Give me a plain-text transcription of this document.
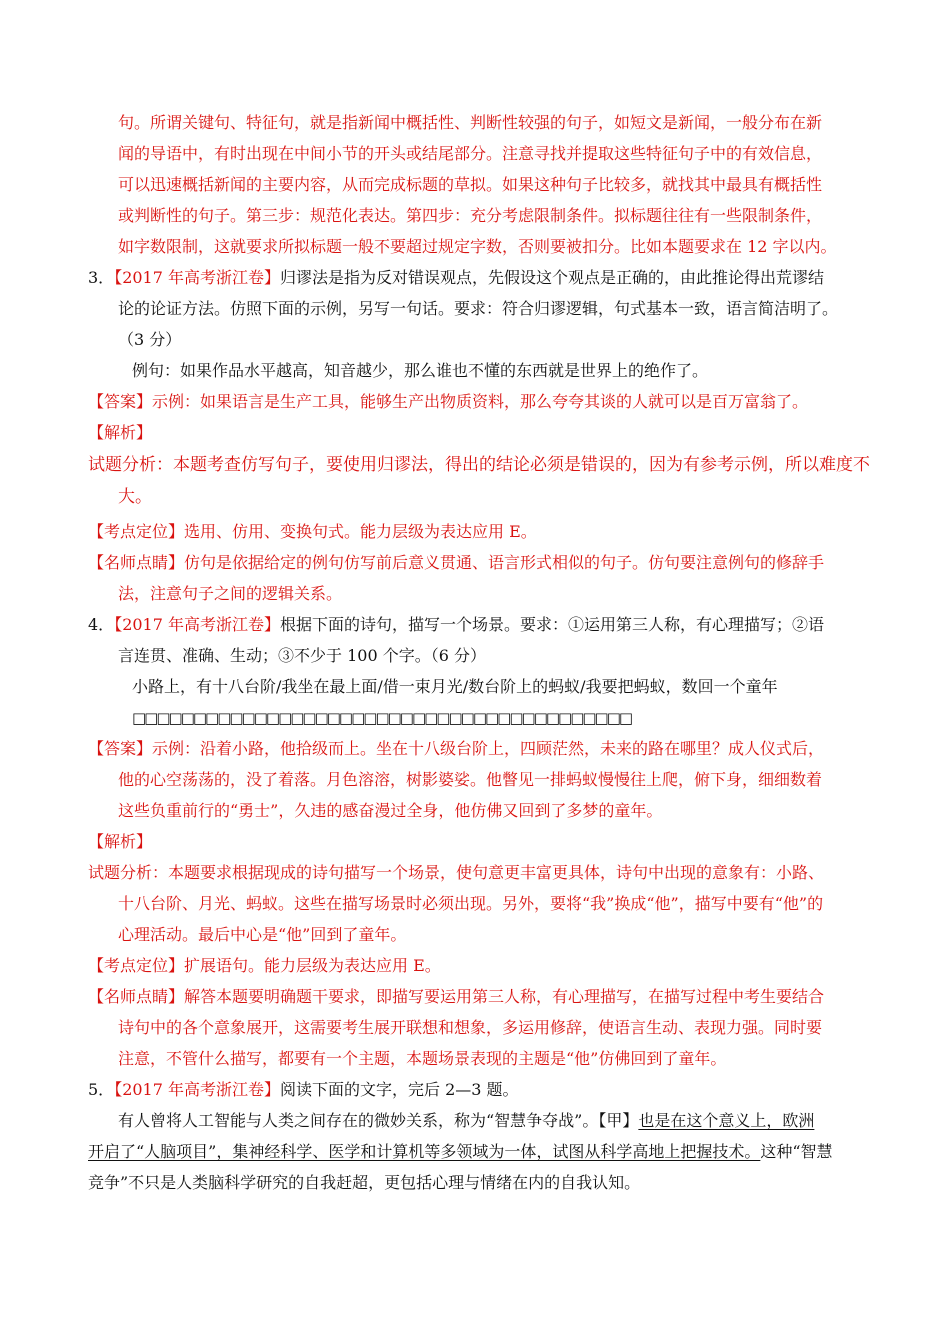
句。所谓关键句、特征句，就是指新闻中概括性、判断性较强的句子，如短文是新闻，一般分布在新
闻的导语中，有时出现在中间小节的开头或结尾部分。注意寻找并提取这些特征句子中的有效信息，
可以迅速概括新闻的主要内容，从而完成标题的草拟。如果这种句子比较多，就找其中最具有概括性
或判断性的句子。第三步：规范化表达。第四步：充分考虑限制条件。拟标题往往有一些限制条件，
如字数限制，这就要求所拟标题一般不要超过规定字数，否则要被扣分。比如本题要求在 12 字以内。
3．【2017 年高考浙江卷】归谬法是指为反对错误观点，先假设这个观点是正确的，由此推论得出荒谬结
论的论证方法。仿照下面的示例，另写一句话。要求：符合归谬逻辑，句式基本一致，语言简洁明了。
（3 分）
例句：如果作品水平越高，知音越少，那么谁也不懂的东西就是世界上的绝作了。
【答案】示例：如果语言是生产工具，能够生产出物质资料，那么夸夸其谈的人就可以是百万富翁了。
【解析】
试题分析：本题考查仿写句子，要使用归谬法，得出的结论必须是错误的，因为有参考示例，所以难度不
大。
【考点定位】选用、仿用、变换句式。能力层级为表达应用 E。
【名师点睛】仿句是依据给定的例句仿写前后意义贯通、语言形式相似的句子。仿句要注意例句的修辞手
法，注意句子之间的逻辑关系。
4．【2017 年高考浙江卷】根据下面的诗句，描写一个场景。要求：①运用第三人称，有心理描写；②语
言连贯、准确、生动；③不少于 100 个字。（6 分）
小路上，有十八台阶/我坐在最上面/借一束月光/数台阶上的蚂蚁/我要把蚂蚁，数回一个童年
□□□□□□□□□□□□□□□□□□□□□□□□□□□□□□□□□□□□□□□□□
【答案】示例：沿着小路，他拾级而上。坐在十八级台阶上，四顾茫然，未来的路在哪里？成人仪式后，
他的心空荡荡的，没了着落。月色溶溶，树影婆娑。他瞥见一排蚂蚁慢慢往上爬，俯下身，细细数着
这些负重前行的“勇士”，久违的感奋漫过全身，他仿佛又回到了多梦的童年。
【解析】
试题分析：本题要求根据现成的诗句描写一个场景，使句意更丰富更具体，诗句中出现的意象有：小路、
十八台阶、月光、蚂蚁。这些在描写场景时必须出现。另外，要将“我”换成“他”，描写中要有“他”的
心理活动。最后中心是“他”回到了童年。
【考点定位】扩展语句。能力层级为表达应用 E。
【名师点睛】解答本题要明确题干要求，即描写要运用第三人称，有心理描写，在描写过程中考生要结合
诗句中的各个意象展开，这需要考生展开联想和想象，多运用修辞，使语言生动、表现力强。同时要
注意，不管什么描写，都要有一个主题，本题场景表现的主题是“他”仿佛回到了童年。
5．【2017 年高考浙江卷】阅读下面的文字，完后 2—3 题。
有人曾将人工智能与人类之间存在的微妙关系，称为“智慧争夺战”。【甲】也是在这个意义上，欧洲
开启了“人脑项目”，集神经科学、医学和计算机等多领域为一体，试图从科学高地上把握技术。这种“智慧
竞争”不只是人类脑科学研究的自我赶超，更包括心理与情绪在内的自我认知。
